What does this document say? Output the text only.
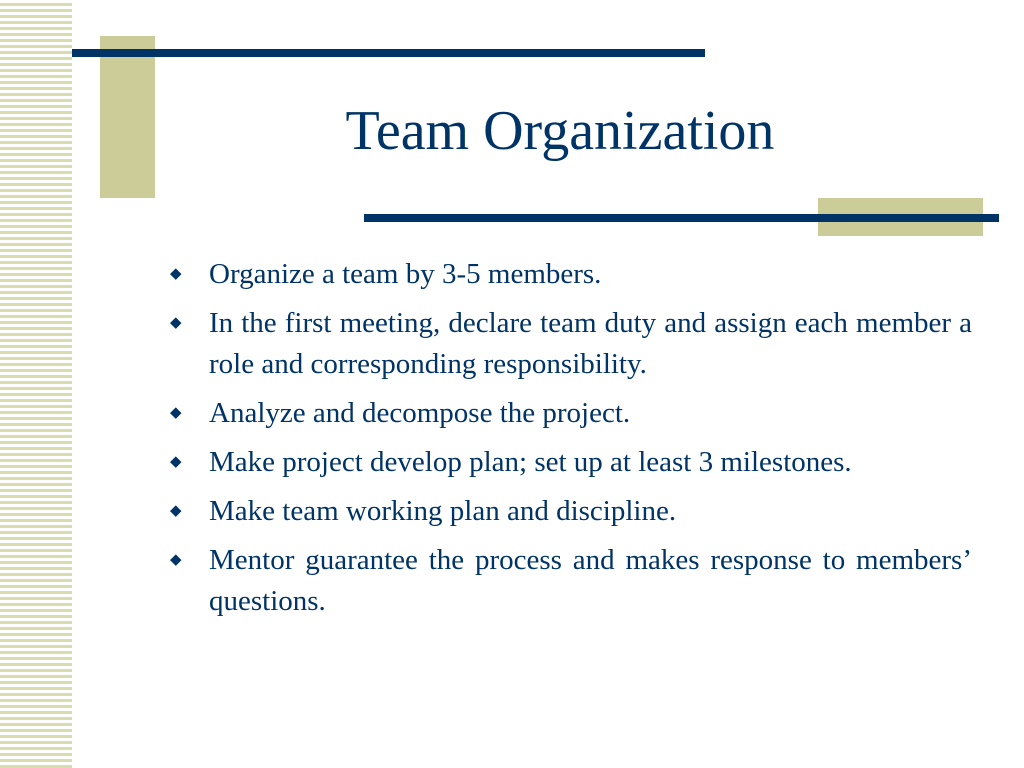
Team Organization
◆ Organize a team by 3-5 members.
◆ In the first meeting, declare team duty and assign each member a role and corresponding responsibility.
◆ Analyze and decompose the project.
◆ Make project develop plan; set up at least 3 milestones.
◆ Make team working plan and discipline.
◆ Mentor guarantee the process and makes response to members’ questions.
